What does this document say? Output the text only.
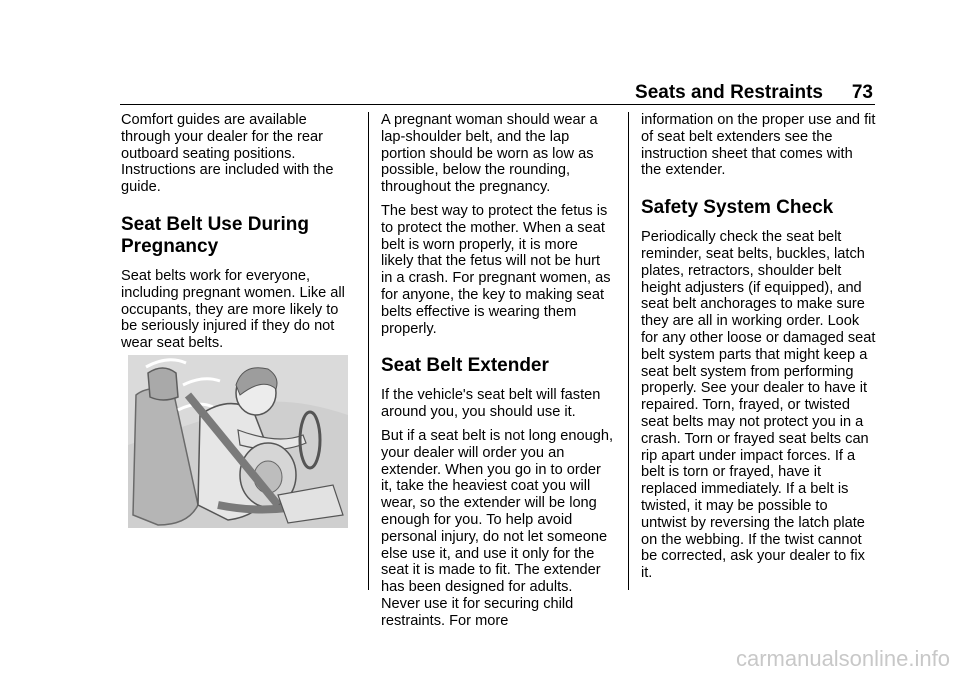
Seats and Restraints 73

Comfort guides are available through your dealer for the rear outboard seating positions. Instructions are included with the guide.

Seat Belt Use During Pregnancy

Seat belts work for everyone, including pregnant women. Like all occupants, they are more likely to be seriously injured if they do not wear seat belts.

A pregnant woman should wear a lap-shoulder belt, and the lap portion should be worn as low as possible, below the rounding, throughout the pregnancy.

The best way to protect the fetus is to protect the mother. When a seat belt is worn properly, it is more likely that the fetus will not be hurt in a crash. For pregnant women, as for anyone, the key to making seat belts effective is wearing them properly.

Seat Belt Extender

If the vehicle's seat belt will fasten around you, you should use it.

But if a seat belt is not long enough, your dealer will order you an extender. When you go in to order it, take the heaviest coat you will wear, so the extender will be long enough for you. To help avoid personal injury, do not let someone else use it, and use it only for the seat it is made to fit. The extender has been designed for adults. Never use it for securing child restraints. For more

information on the proper use and fit of seat belt extenders see the instruction sheet that comes with the extender.

Safety System Check

Periodically check the seat belt reminder, seat belts, buckles, latch plates, retractors, shoulder belt height adjusters (if equipped), and seat belt anchorages to make sure they are all in working order. Look for any other loose or damaged seat belt system parts that might keep a seat belt system from performing properly. See your dealer to have it repaired. Torn, frayed, or twisted seat belts may not protect you in a crash. Torn or frayed seat belts can rip apart under impact forces. If a belt is torn or frayed, have it replaced immediately. If a belt is twisted, it may be possible to untwist by reversing the latch plate on the webbing. If the twist cannot be corrected, ask your dealer to fix it.

carmanualsonline.info
